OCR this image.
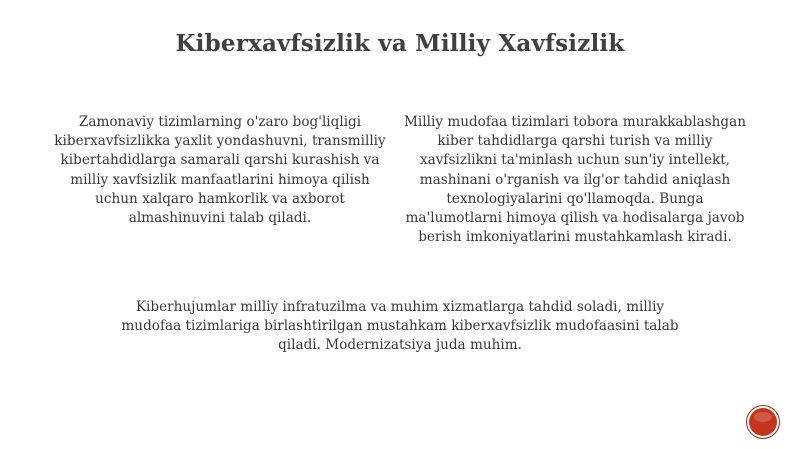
Kiberxavfsizlik va Milliy Xavfsizlik
Zamonaviy tizimlarning o'zaro bog'liqligi kiberxavfsizlikka yaxlit yondashuvni, transmilliy kibertahdidlarga samarali qarshi kurashish va milliy xavfsizlik manfaatlarini himoya qilish uchun xalqaro hamkorlik va axborot almashinuvini talab qiladi.
Milliy mudofaa tizimlari tobora murakkablashgan kiber tahdidlarga qarshi turish va milliy xavfsizlikni ta'minlash uchun sun'iy intellekt, mashinani o'rganish va ilg'or tahdid aniqlash texnologiyalarini qo'llamoqda. Bunga ma'lumotlarni himoya qilish va hodisalarga javob berish imkoniyatlarini mustahkamlash kiradi.
Kiberhujumlar milliy infratuzilma va muhim xizmatlarga tahdid soladi, milliy mudofaa tizimlariga birlashtirilgan mustahkam kiberxavfsizlik mudofaasini talab qiladi. Modernizatsiya juda muhim.
